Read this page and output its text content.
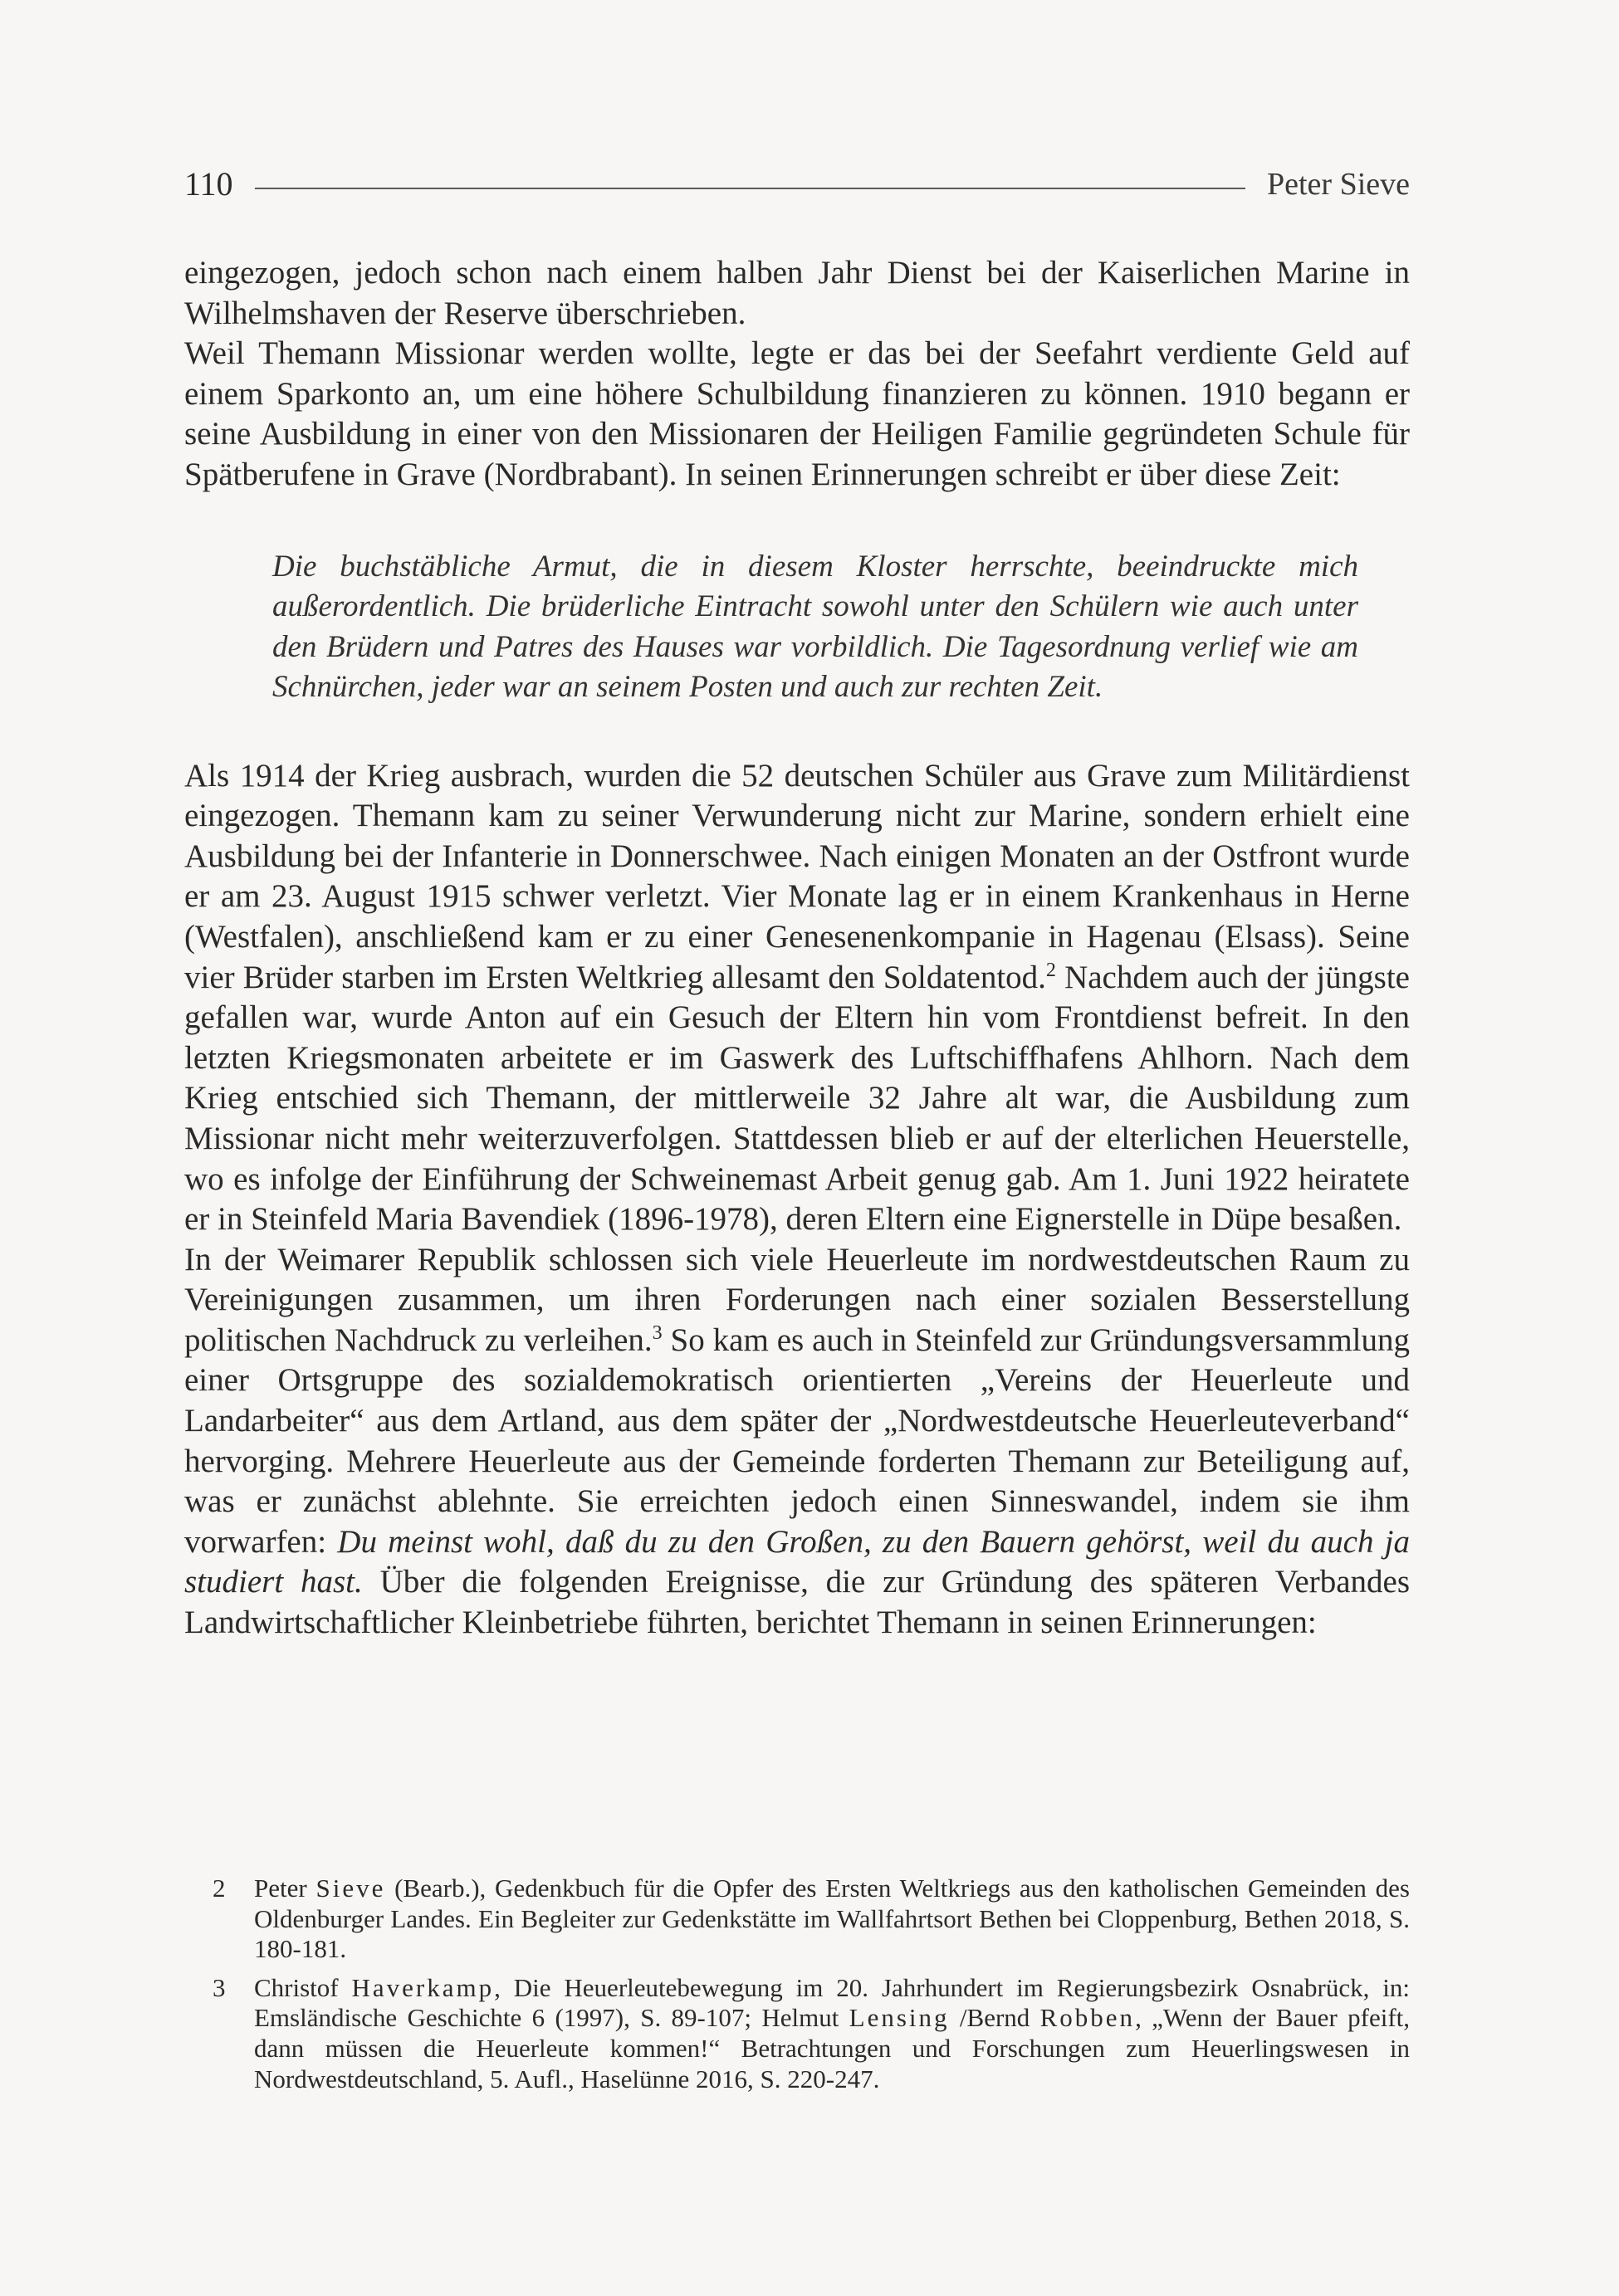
110	Peter Sieve

eingezogen, jedoch schon nach einem halben Jahr Dienst bei der Kaiserlichen Marine in Wilhelmshaven der Reserve überschrieben.

Weil Themann Missionar werden wollte, legte er das bei der Seefahrt verdiente Geld auf einem Sparkonto an, um eine höhere Schulbildung finanzieren zu können. 1910 begann er seine Ausbildung in einer von den Missionaren der Heiligen Familie gegründeten Schule für Spätberufene in Grave (Nordbrabant). In seinen Erinnerungen schreibt er über diese Zeit:

Die buchstäbliche Armut, die in diesem Kloster herrschte, beeindruckte mich außerordentlich. Die brüderliche Eintracht sowohl unter den Schülern wie auch unter den Brüdern und Patres des Hauses war vorbildlich. Die Tagesordnung verlief wie am Schnürchen, jeder war an seinem Posten und auch zur rechten Zeit.

Als 1914 der Krieg ausbrach, wurden die 52 deutschen Schüler aus Grave zum Militärdienst eingezogen. Themann kam zu seiner Verwunderung nicht zur Marine, sondern erhielt eine Ausbildung bei der Infanterie in Donnerschwee. Nach einigen Monaten an der Ostfront wurde er am 23. August 1915 schwer verletzt. Vier Monate lag er in einem Krankenhaus in Herne (Westfalen), anschließend kam er zu einer Genesenenkompanie in Hagenau (Elsass). Seine vier Brüder starben im Ersten Weltkrieg allesamt den Soldatentod.$^2$ Nachdem auch der jüngste gefallen war, wurde Anton auf ein Gesuch der Eltern hin vom Frontdienst befreit. In den letzten Kriegsmonaten arbeitete er im Gaswerk des Luftschiffhafens Ahlhorn. Nach dem Krieg entschied sich Themann, der mittlerweile 32 Jahre alt war, die Ausbildung zum Missionar nicht mehr weiterzuverfolgen. Stattdessen blieb er auf der elterlichen Heuerstelle, wo es infolge der Einführung der Schweinemast Arbeit genug gab. Am 1. Juni 1922 heiratete er in Steinfeld Maria Bavendiek (1896-1978), deren Eltern eine Eignerstelle in Düpe besaßen.

In der Weimarer Republik schlossen sich viele Heuerleute im nordwestdeutschen Raum zu Vereinigungen zusammen, um ihren Forderungen nach einer sozialen Besserstellung politischen Nachdruck zu verleihen.$^3$ So kam es auch in Steinfeld zur Gründungsversammlung einer Ortsgruppe des sozialdemokratisch orientierten „Vereins der Heuerleute und Landarbeiter“ aus dem Artland, aus dem später der „Nordwestdeutsche Heuerleuteverband“ hervorging. Mehrere Heuerleute aus der Gemeinde forderten Themann zur Beteiligung auf, was er zunächst ablehnte. Sie erreichten jedoch einen Sinneswandel, indem sie ihm vorwarfen: Du meinst wohl, daß du zu den Großen, zu den Bauern gehörst, weil du auch ja studiert hast. Über die folgenden Ereignisse, die zur Gründung des späteren Verbandes Landwirtschaftlicher Kleinbetriebe führten, berichtet Themann in seinen Erinnerungen:

2	Peter Sieve (Bearb.), Gedenkbuch für die Opfer des Ersten Weltkriegs aus den katholischen Gemeinden des Oldenburger Landes. Ein Begleiter zur Gedenkstätte im Wallfahrtsort Bethen bei Cloppenburg, Bethen 2018, S. 180-181.
3	Christof Haverkamp, Die Heuerleutebewegung im 20. Jahrhundert im Regierungsbezirk Osnabrück, in: Emsländische Geschichte 6 (1997), S. 89-107; Helmut Lensing /Bernd Robben, „Wenn der Bauer pfeift, dann müssen die Heuerleute kommen!“ Betrachtungen und Forschungen zum Heuerlingswesen in Nordwestdeutschland, 5. Aufl., Haselünne 2016, S. 220-247.
